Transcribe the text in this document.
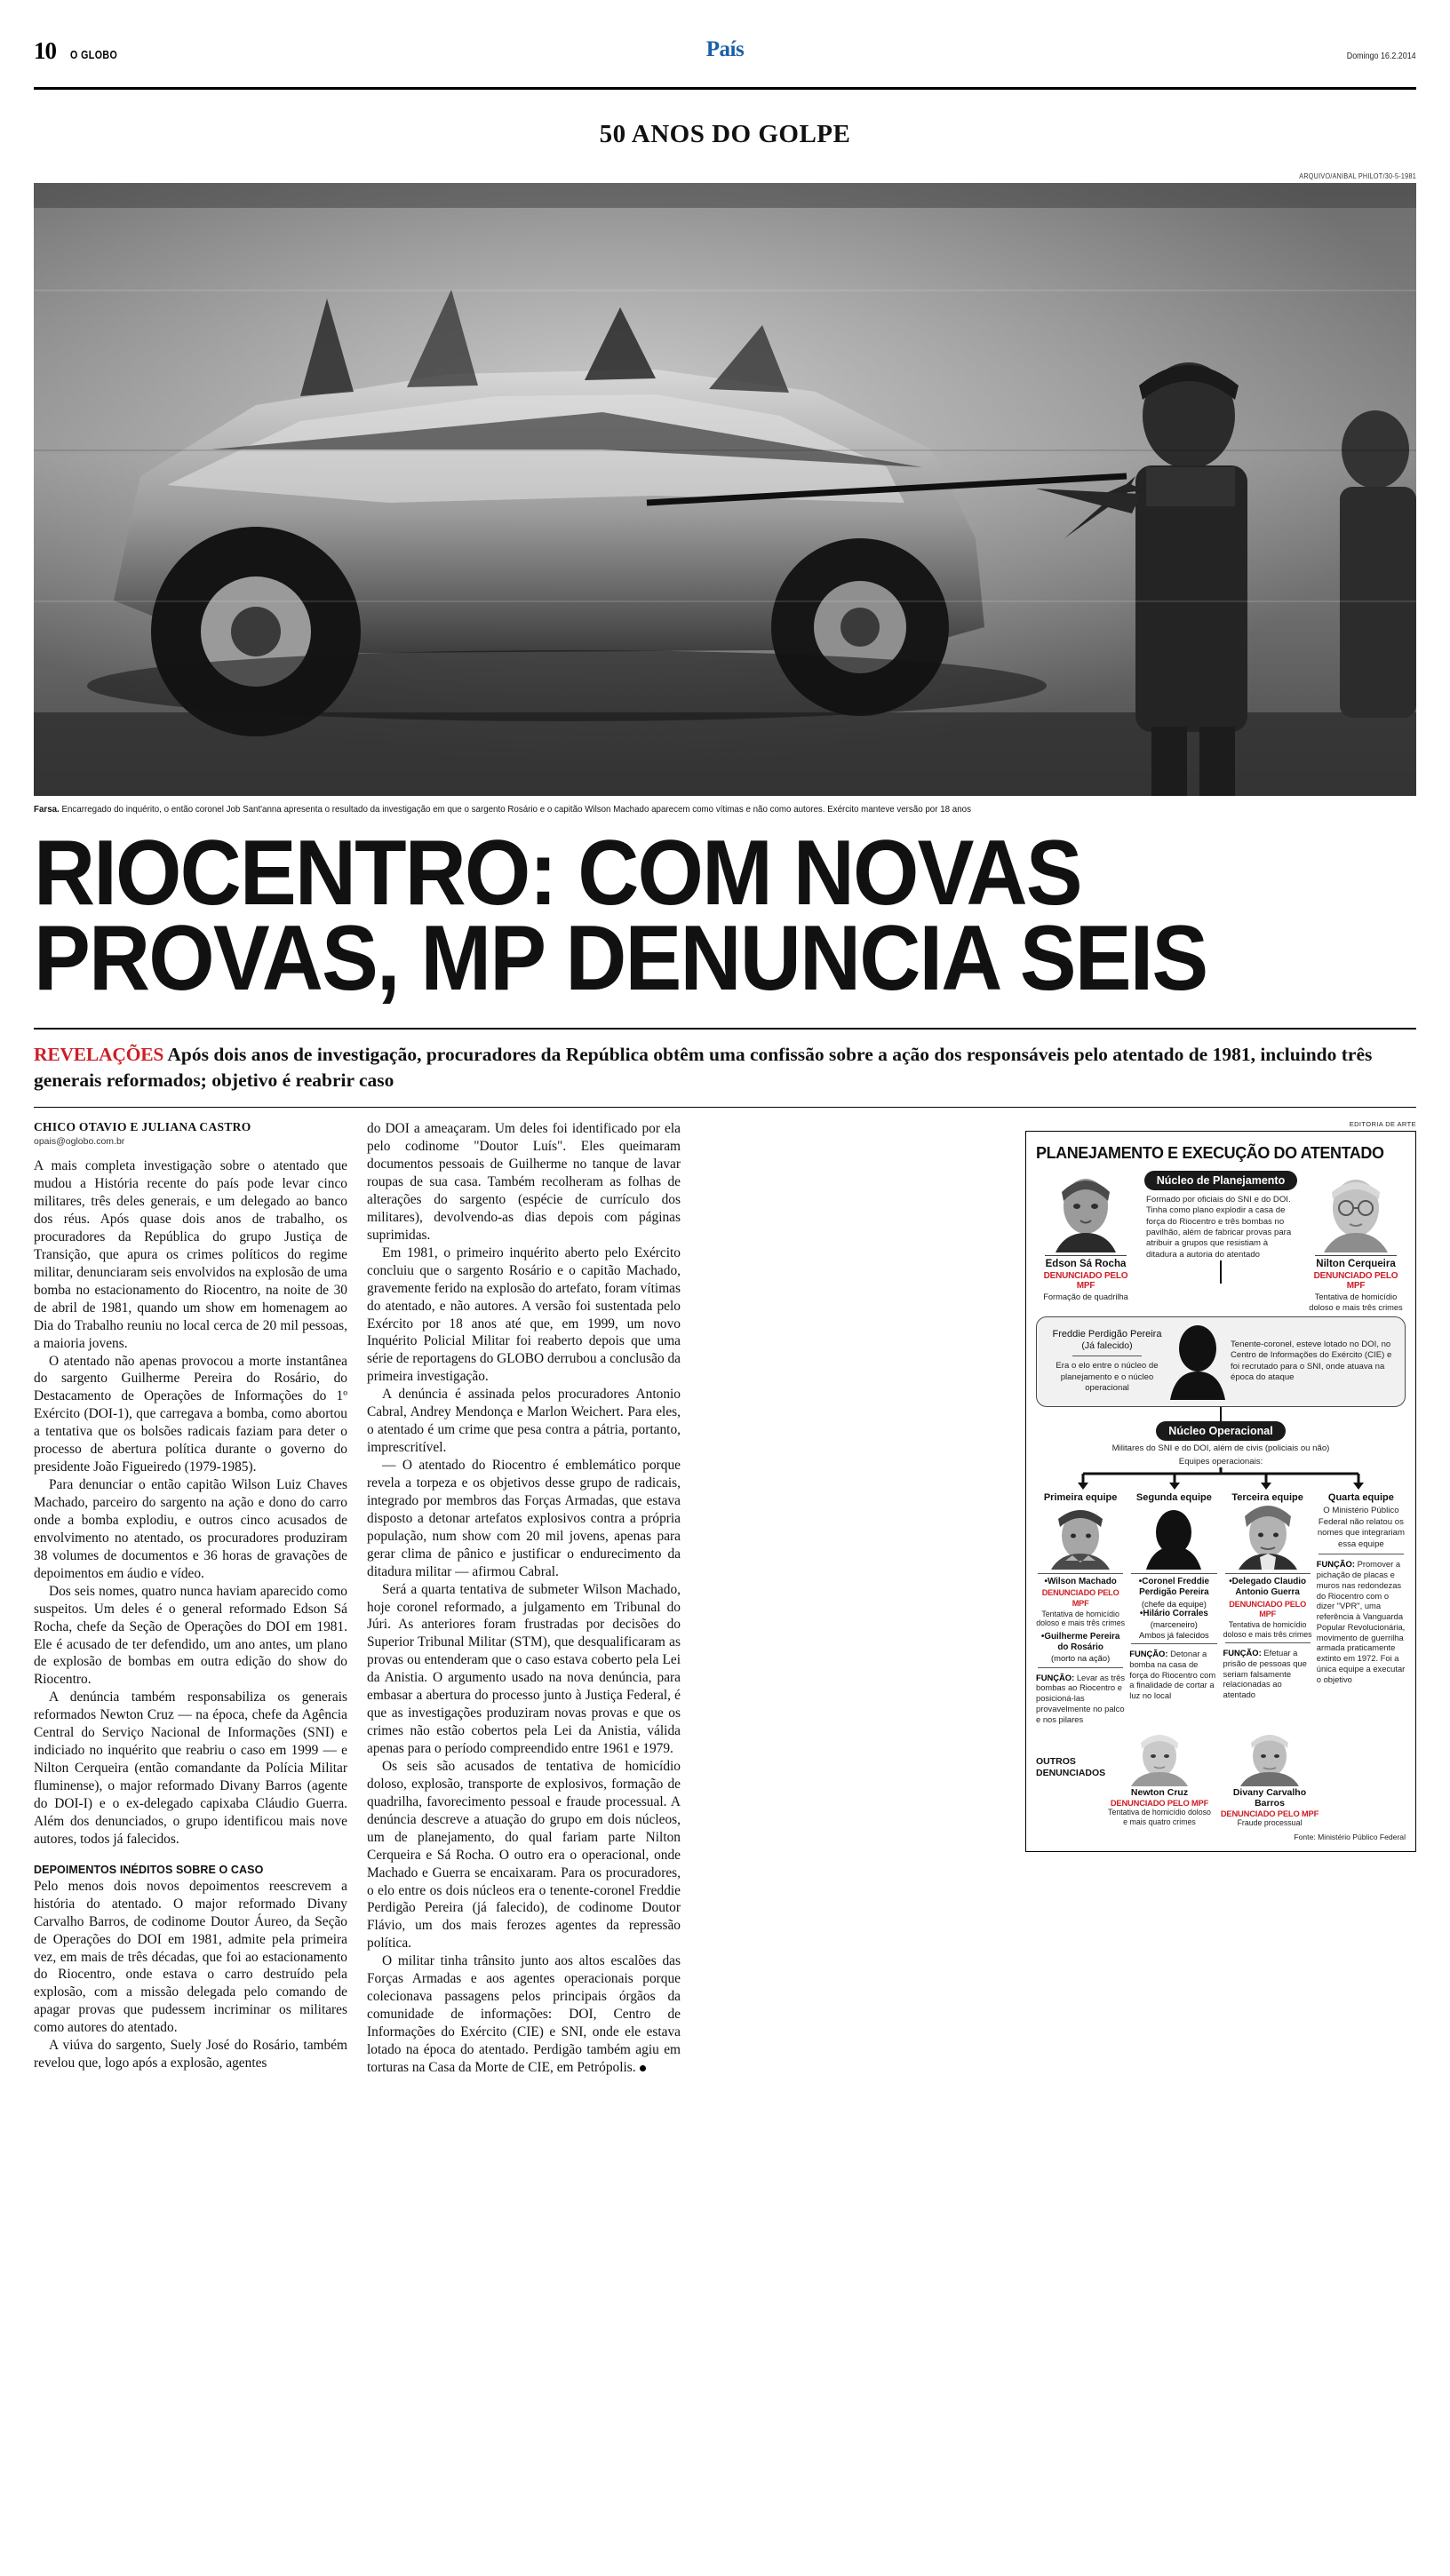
10 O GLOBO	País	Domingo 16.2.2014
50 ANOS DO GOLPE
ARQUIVO/ANIBAL PHILOT/30-5-1981
Farsa. Encarregado do inquérito, o então coronel Job Sant'anna apresenta o resultado da investigação em que o sargento Rosário e o capitão Wilson Machado aparecem como vítimas e não como autores. Exército manteve versão por 18 anos
RIOCENTRO: COM NOVAS
PROVAS, MP DENUNCIA SEIS
REVELAÇÕES Após dois anos de investigação, procuradores da República obtêm uma confissão sobre a ação dos responsáveis pelo atentado de 1981, incluindo três generais reformados; objetivo é reabrir caso
CHICO OTAVIO E JULIANA CASTRO
opais@oglobo.com.br

A mais completa investigação sobre o atentado que mudou a História recente do país pode levar cinco militares, três deles generais, e um delegado ao banco dos réus. Após quase dois anos de trabalho, os procuradores da República do grupo Justiça de Transição, que apura os crimes políticos do regime militar, denunciaram seis envolvidos na explosão de uma bomba no estacionamento do Riocentro, na noite de 30 de abril de 1981, quando um show em homenagem ao Dia do Trabalho reuniu no local cerca de 20 mil pessoas, a maioria jovens.

O atentado não apenas provocou a morte instantânea do sargento Guilherme Pereira do Rosário, do Destacamento de Operações de Informações do 1º Exército (DOI-1), que carregava a bomba, como abortou a tentativa que os bolsões radicais faziam para deter o processo de abertura política durante o governo do presidente João Figueiredo (1979-1985).

Para denunciar o então capitão Wilson Luiz Chaves Machado, parceiro do sargento na ação e dono do carro onde a bomba explodiu, e outros cinco acusados de envolvimento no atentado, os procuradores produziram 38 volumes de documentos e 36 horas de gravações de depoimentos em áudio e vídeo.

Dos seis nomes, quatro nunca haviam aparecido como suspeitos. Um deles é o general reformado Edson Sá Rocha, chefe da Seção de Operações do DOI em 1981. Ele é acusado de ter defendido, um ano antes, um plano de explosão de bombas em outra edição do show do Riocentro.

A denúncia também responsabiliza os generais reformados Newton Cruz — na época, chefe da Agência Central do Serviço Nacional de Informações (SNI) e indiciado no inquérito que reabriu o caso em 1999 — e Nilton Cerqueira (então comandante da Polícia Militar fluminense), o major reformado Divany Barros (agente do DOI-I) e o ex-delegado capixaba Cláudio Guerra. Além dos denunciados, o grupo identificou mais nove autores, todos já falecidos.

DEPOIMENTOS INÉDITOS SOBRE O CASO

Pelo menos dois novos depoimentos reescrevem a história do atentado. O major reformado Divany Carvalho Barros, de codinome Doutor Áureo, da Seção de Operações do DOI em 1981, admite pela primeira vez, em mais de três décadas, que foi ao estacionamento do Riocentro, onde estava o carro destruído pela explosão, com a missão delegada pelo comando de apagar provas que pudessem incriminar os militares como autores do atentado.

A viúva do sargento, Suely José do Rosário, também revelou que, logo após a explosão, agentes

do DOI a ameaçaram. Um deles foi identificado por ela pelo codinome "Doutor Luís". Eles queimaram documentos pessoais de Guilherme no tanque de lavar roupas de sua casa. Também recolheram as folhas de alterações do sargento (espécie de currículo dos militares), devolvendo-as dias depois com páginas suprimidas.

Em 1981, o primeiro inquérito aberto pelo Exército concluiu que o sargento Rosário e o capitão Machado, gravemente ferido na explosão do artefato, foram vítimas do atentado, e não autores. A versão foi sustentada pelo Exército por 18 anos até que, em 1999, um novo Inquérito Policial Militar foi reaberto depois que uma série de reportagens do GLOBO derrubou a conclusão da primeira investigação.

A denúncia é assinada pelos procuradores Antonio Cabral, Andrey Mendonça e Marlon Weichert. Para eles, o atentado é um crime que pesa contra a pátria, portanto, imprescritível.

— O atentado do Riocentro é emblemático porque revela a torpeza e os objetivos desse grupo de radicais, integrado por membros das Forças Armadas, que estava disposto a detonar artefatos explosivos contra a própria população, num show com 20 mil jovens, apenas para gerar clima de pânico e justificar o endurecimento da ditadura militar — afirmou Cabral.

Será a quarta tentativa de submeter Wilson Machado, hoje coronel reformado, a julgamento em Tribunal do Júri. As anteriores foram frustradas por decisões do Superior Tribunal Militar (STM), que desqualificaram as provas ou entenderam que o caso estava coberto pela Lei da Anistia. O argumento usado na nova denúncia, para embasar a abertura do processo junto à Justiça Federal, é que as investigações produziram novas provas e que os crimes não estão cobertos pela Lei da Anistia, válida apenas para o período compreendido entre 1961 e 1979.

Os seis são acusados de tentativa de homicídio doloso, explosão, transporte de explosivos, formação de quadrilha, favorecimento pessoal e fraude processual. A denúncia descreve a atuação do grupo em dois núcleos, um de planejamento, do qual fariam parte Nilton Cerqueira e Sá Rocha. O outro era o operacional, onde Machado e Guerra se encaixaram. Para os procuradores, o elo entre os dois núcleos era o tenente-coronel Freddie Perdigão Pereira (já falecido), de codinome Doutor Flávio, um dos mais ferozes agentes da repressão política.

O militar tinha trânsito junto aos altos escalões das Forças Armadas e aos agentes operacionais porque colecionava passagens pelos principais órgãos da comunidade de informações: DOI, Centro de Informações do Exército (CIE) e SNI, onde ele estava lotado na época do atentado. Perdigão também agiu em torturas na Casa da Morte de CIE, em Petrópolis.

EDITORIA DE ARTE
PLANEJAMENTO E EXECUÇÃO DO ATENTADO
Edson Sá Rocha
DENUNCIADO PELO MPF
Formação de quadrilha
Núcleo de Planejamento
Formado por oficiais do SNI e do DOI. Tinha como plano explodir a casa de força do Riocentro e três bombas no pavilhão, além de fabricar provas para atribuir a grupos que resistiam à ditadura a autoria do atentado
Nilton Cerqueira
DENUNCIADO PELO MPF
Tentativa de homicídio doloso e mais três crimes
Freddie Perdigão Pereira
(Já falecido)
Era o elo entre o núcleo de planejamento e o núcleo operacional
Tenente-coronel, esteve lotado no DOI, no Centro de Informações do Exército (CIE) e foi recrutado para o SNI, onde atuava na época do ataque
Núcleo Operacional
Militares do SNI e do DOI, além de civis (policiais ou não)
Equipes operacionais:
Primeira equipe
•Wilson Machado
DENUNCIADO PELO MPF
Tentativa de homicídio doloso e mais três crimes
•Guilherme Pereira do Rosário
(morto na ação)
FUNÇÃO: Levar as três bombas ao Riocentro e posicioná-las provavelmente no palco e nos pilares
Segunda equipe
•Coronel Freddie Perdigão Pereira
(chefe da equipe)
•Hilário Corrales
(marceneiro)
Ambos já falecidos
FUNÇÃO: Detonar a bomba na casa de força do Riocentro com a finalidade de cortar a luz no local
Terceira equipe
•Delegado Claudio Antonio Guerra
DENUNCIADO PELO MPF
Tentativa de homicídio doloso e mais três crimes
FUNÇÃO: Efetuar a prisão de pessoas que seriam falsamente relacionadas ao atentado
Quarta equipe
O Ministério Público Federal não relatou os nomes que integrariam essa equipe
FUNÇÃO: Promover a pichação de placas e muros nas redondezas do Riocentro com o dizer "VPR", uma referência à Vanguarda Popular Revolucionária, movimento de guerrilha armada praticamente extinto em 1972. Foi a única equipe a executar o objetivo
OUTROS DENUNCIADOS
Newton Cruz
DENUNCIADO PELO MPF
Tentativa de homicídio doloso e mais quatro crimes
Divany Carvalho Barros
DENUNCIADO PELO MPF
Fraude processual
Fonte: Ministério Público Federal
